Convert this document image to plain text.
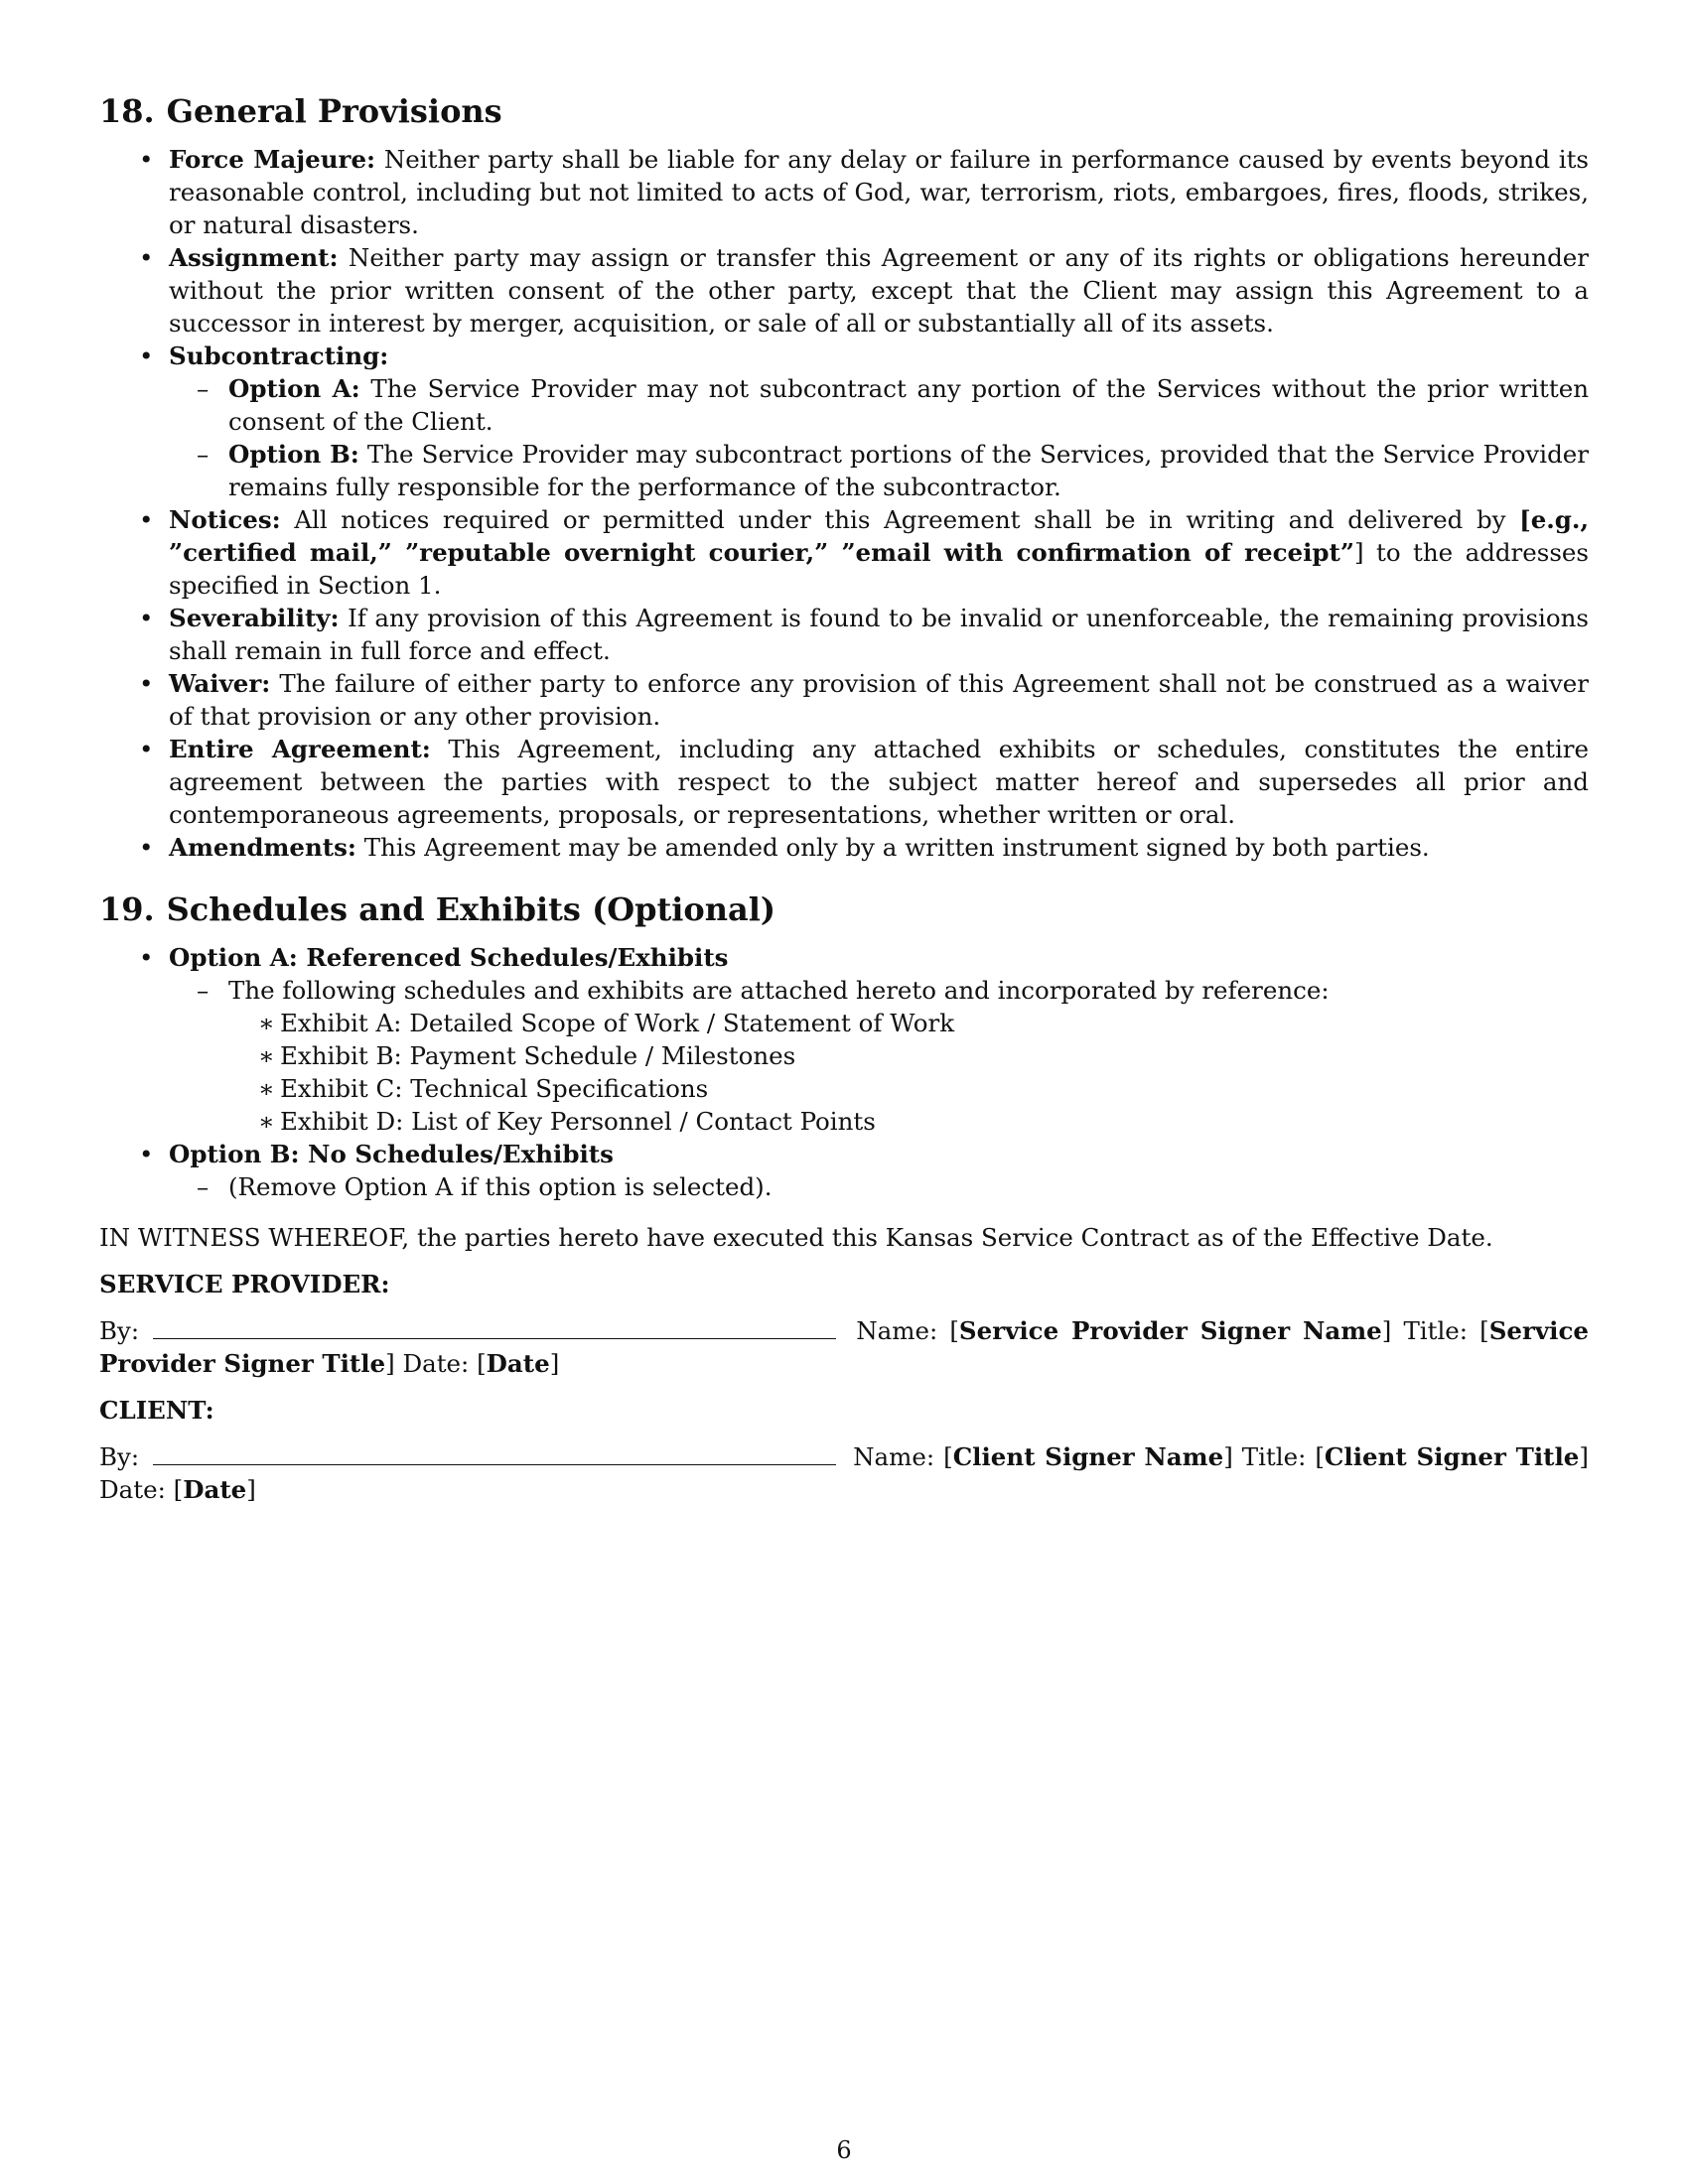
18. General Provisions
• Force Majeure: Neither party shall be liable for any delay or failure in performance caused by events beyond its reasonable control, including but not limited to acts of God, war, terrorism, riots, embargoes, fires, floods, strikes, or natural disasters.
• Assignment: Neither party may assign or transfer this Agreement or any of its rights or obligations hereunder without the prior written consent of the other party, except that the Client may assign this Agreement to a successor in interest by merger, acquisition, or sale of all or substantially all of its assets.
• Subcontracting:
– Option A: The Service Provider may not subcontract any portion of the Services without the prior written consent of the Client.
– Option B: The Service Provider may subcontract portions of the Services, provided that the Service Provider remains fully responsible for the performance of the subcontractor.
• Notices: All notices required or permitted under this Agreement shall be in writing and delivered by [e.g., ”certified mail,” ”reputable overnight courier,” ”email with confirmation of receipt”] to the addresses specified in Section 1.
• Severability: If any provision of this Agreement is found to be invalid or unenforceable, the remaining provisions shall remain in full force and effect.
• Waiver: The failure of either party to enforce any provision of this Agreement shall not be construed as a waiver of that provision or any other provision.
• Entire Agreement: This Agreement, including any attached exhibits or schedules, constitutes the entire agreement between the parties with respect to the subject matter hereof and supersedes all prior and contemporaneous agreements, proposals, or representations, whether written or oral.
• Amendments: This Agreement may be amended only by a written instrument signed by both parties.
19. Schedules and Exhibits (Optional)
• Option A: Referenced Schedules/Exhibits
– The following schedules and exhibits are attached hereto and incorporated by reference:
∗ Exhibit A: Detailed Scope of Work / Statement of Work
∗ Exhibit B: Payment Schedule / Milestones
∗ Exhibit C: Technical Specifications
∗ Exhibit D: List of Key Personnel / Contact Points
• Option B: No Schedules/Exhibits
– (Remove Option A if this option is selected).

IN WITNESS WHEREOF, the parties hereto have executed this Kansas Service Contract as of the Effective Date.

SERVICE PROVIDER:

By:	Name: [Service Provider Signer Name] Title: [Service Provider Signer Title] Date: [Date]

CLIENT:

By:	Name: [Client Signer Name] Title: [Client Signer Title] Date: [Date]

6
